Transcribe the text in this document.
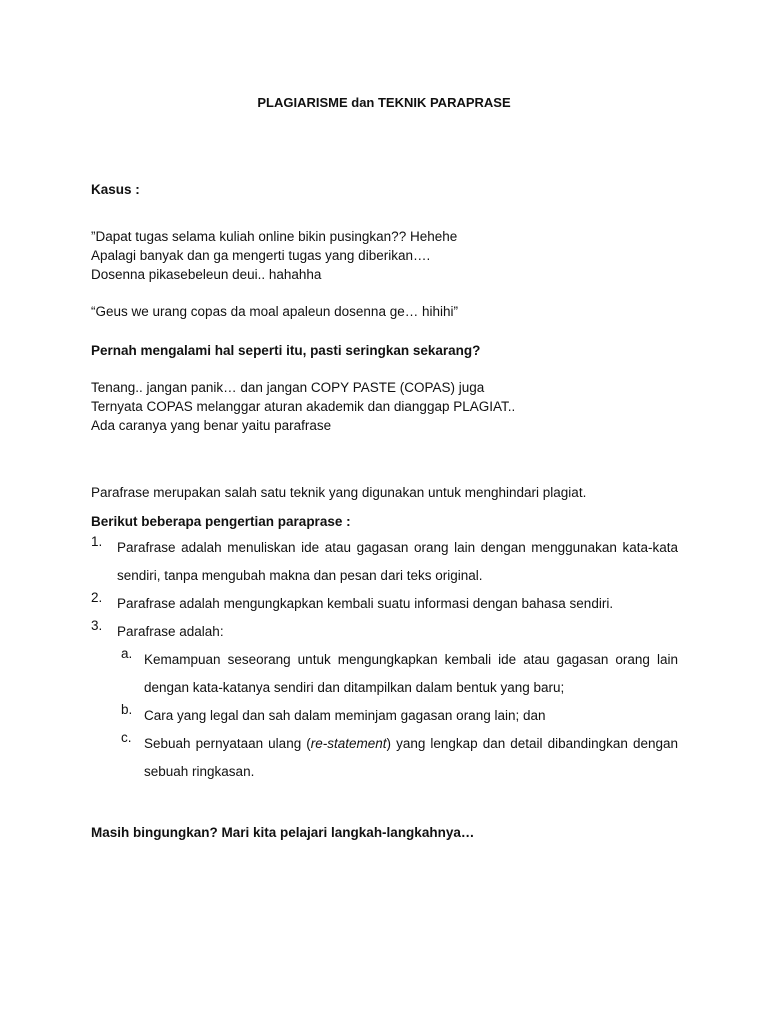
PLAGIARISME dan TEKNIK PARAPRASE
Kasus :
”Dapat tugas selama kuliah online bikin pusingkan?? Hehehe
Apalagi banyak dan ga mengerti tugas yang diberikan….
Dosenna pikasebeleun deui.. hahahha
“Geus we urang copas da moal apaleun dosenna ge… hihihi”
Pernah mengalami hal seperti itu, pasti seringkan sekarang?
Tenang.. jangan panik… dan jangan COPY PASTE (COPAS) juga
Ternyata COPAS melanggar aturan akademik dan dianggap PLAGIAT..
Ada caranya yang benar yaitu parafrase
Parafrase merupakan salah satu teknik yang digunakan untuk menghindari plagiat.
Berikut beberapa pengertian paraprase :
1.	Parafrase adalah menuliskan ide atau gagasan orang lain dengan menggunakan kata-kata sendiri, tanpa mengubah makna dan pesan dari teks original.
2.	Parafrase adalah mengungkapkan kembali suatu informasi dengan bahasa sendiri.
3.	Parafrase adalah:
a. Kemampuan seseorang untuk mengungkapkan kembali ide atau gagasan orang lain dengan kata-katanya sendiri dan ditampilkan dalam bentuk yang baru;
b. Cara yang legal dan sah dalam meminjam gagasan orang lain; dan
c. Sebuah pernyataan ulang (re-statement) yang lengkap dan detail dibandingkan dengan sebuah ringkasan.
Masih bingungkan? Mari kita pelajari langkah-langkahnya…
